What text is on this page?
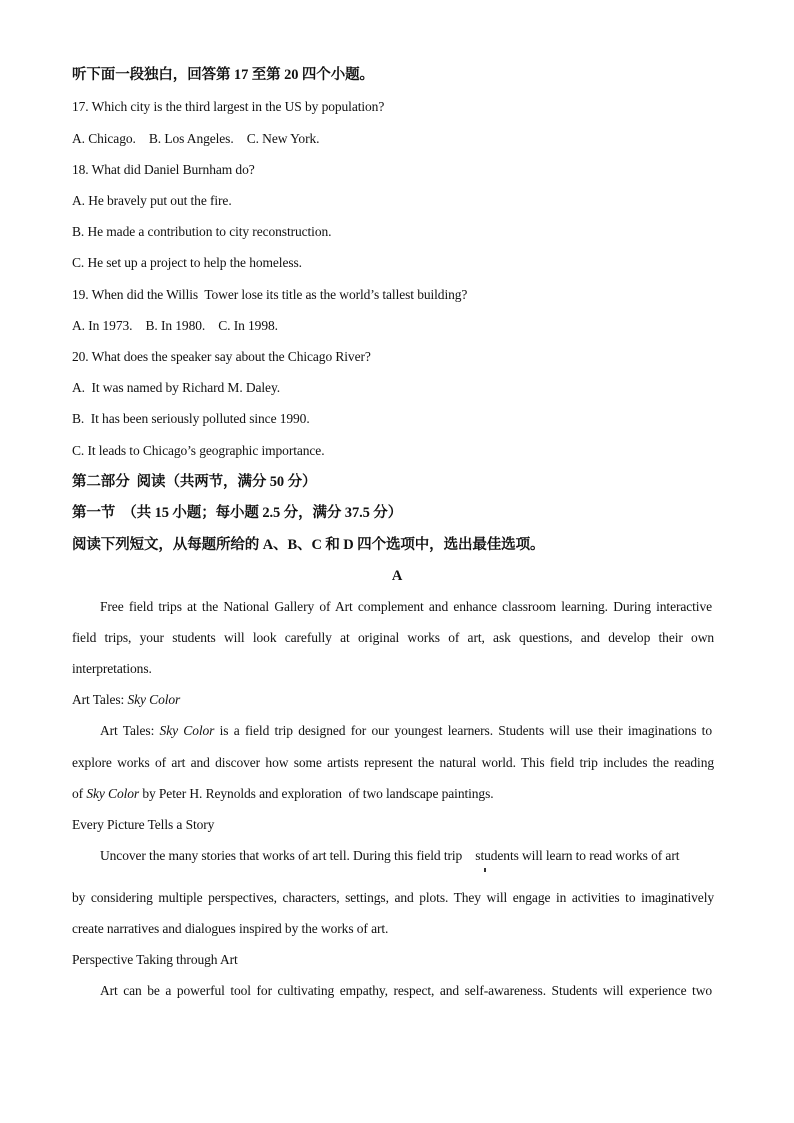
听下面一段独白，回答第 17 至第 20 四个小题。
17. Which city is the third largest in the US by population?
A. Chicago.    B. Los Angeles.    C. New York.
18. What did Daniel Burnham do?
A. He bravely put out the fire.
B. He made a contribution to city reconstruction.
C. He set up a project to help the homeless.
19. When did the Willis  Tower lose its title as the world’s tallest building?
A. In 1973.    B. In 1980.    C. In 1998.
20. What does the speaker say about the Chicago River?
A.  It was named by Richard M. Daley.
B.  It has been seriously polluted since 1990.
C. It leads to Chicago’s geographic importance.
第二部分  阅读（共两节，满分 50 分）
第一节  （共 15 小题；每小题 2.5 分，满分 37.5 分）
阅读下列短文，从每题所给的 A、B、C 和 D 四个选项中，选出最佳选项。
A
Free field trips at the National Gallery of Art complement and enhance classroom learning. During interactive
field trips, your students will look carefully at original works of art, ask questions, and develop their own
interpretations.
Art Tales: Sky Color
Art Tales: Sky Color is a field trip designed for our youngest learners. Students will use their imaginations to
explore works of art and discover how some artists represent the natural world. This field trip includes the reading
of Sky Color by Peter H. Reynolds and exploration  of two landscape paintings.
Every Picture Tells a Story
Uncover the many stories that works of art tell. During this field trip    students will learn to read works of art
by considering multiple perspectives, characters, settings, and plots. They will engage in activities to imaginatively
create narratives and dialogues inspired by the works of art.
Perspective Taking through Art
Art can be a powerful tool for cultivating empathy, respect, and self-awareness. Students will experience two
